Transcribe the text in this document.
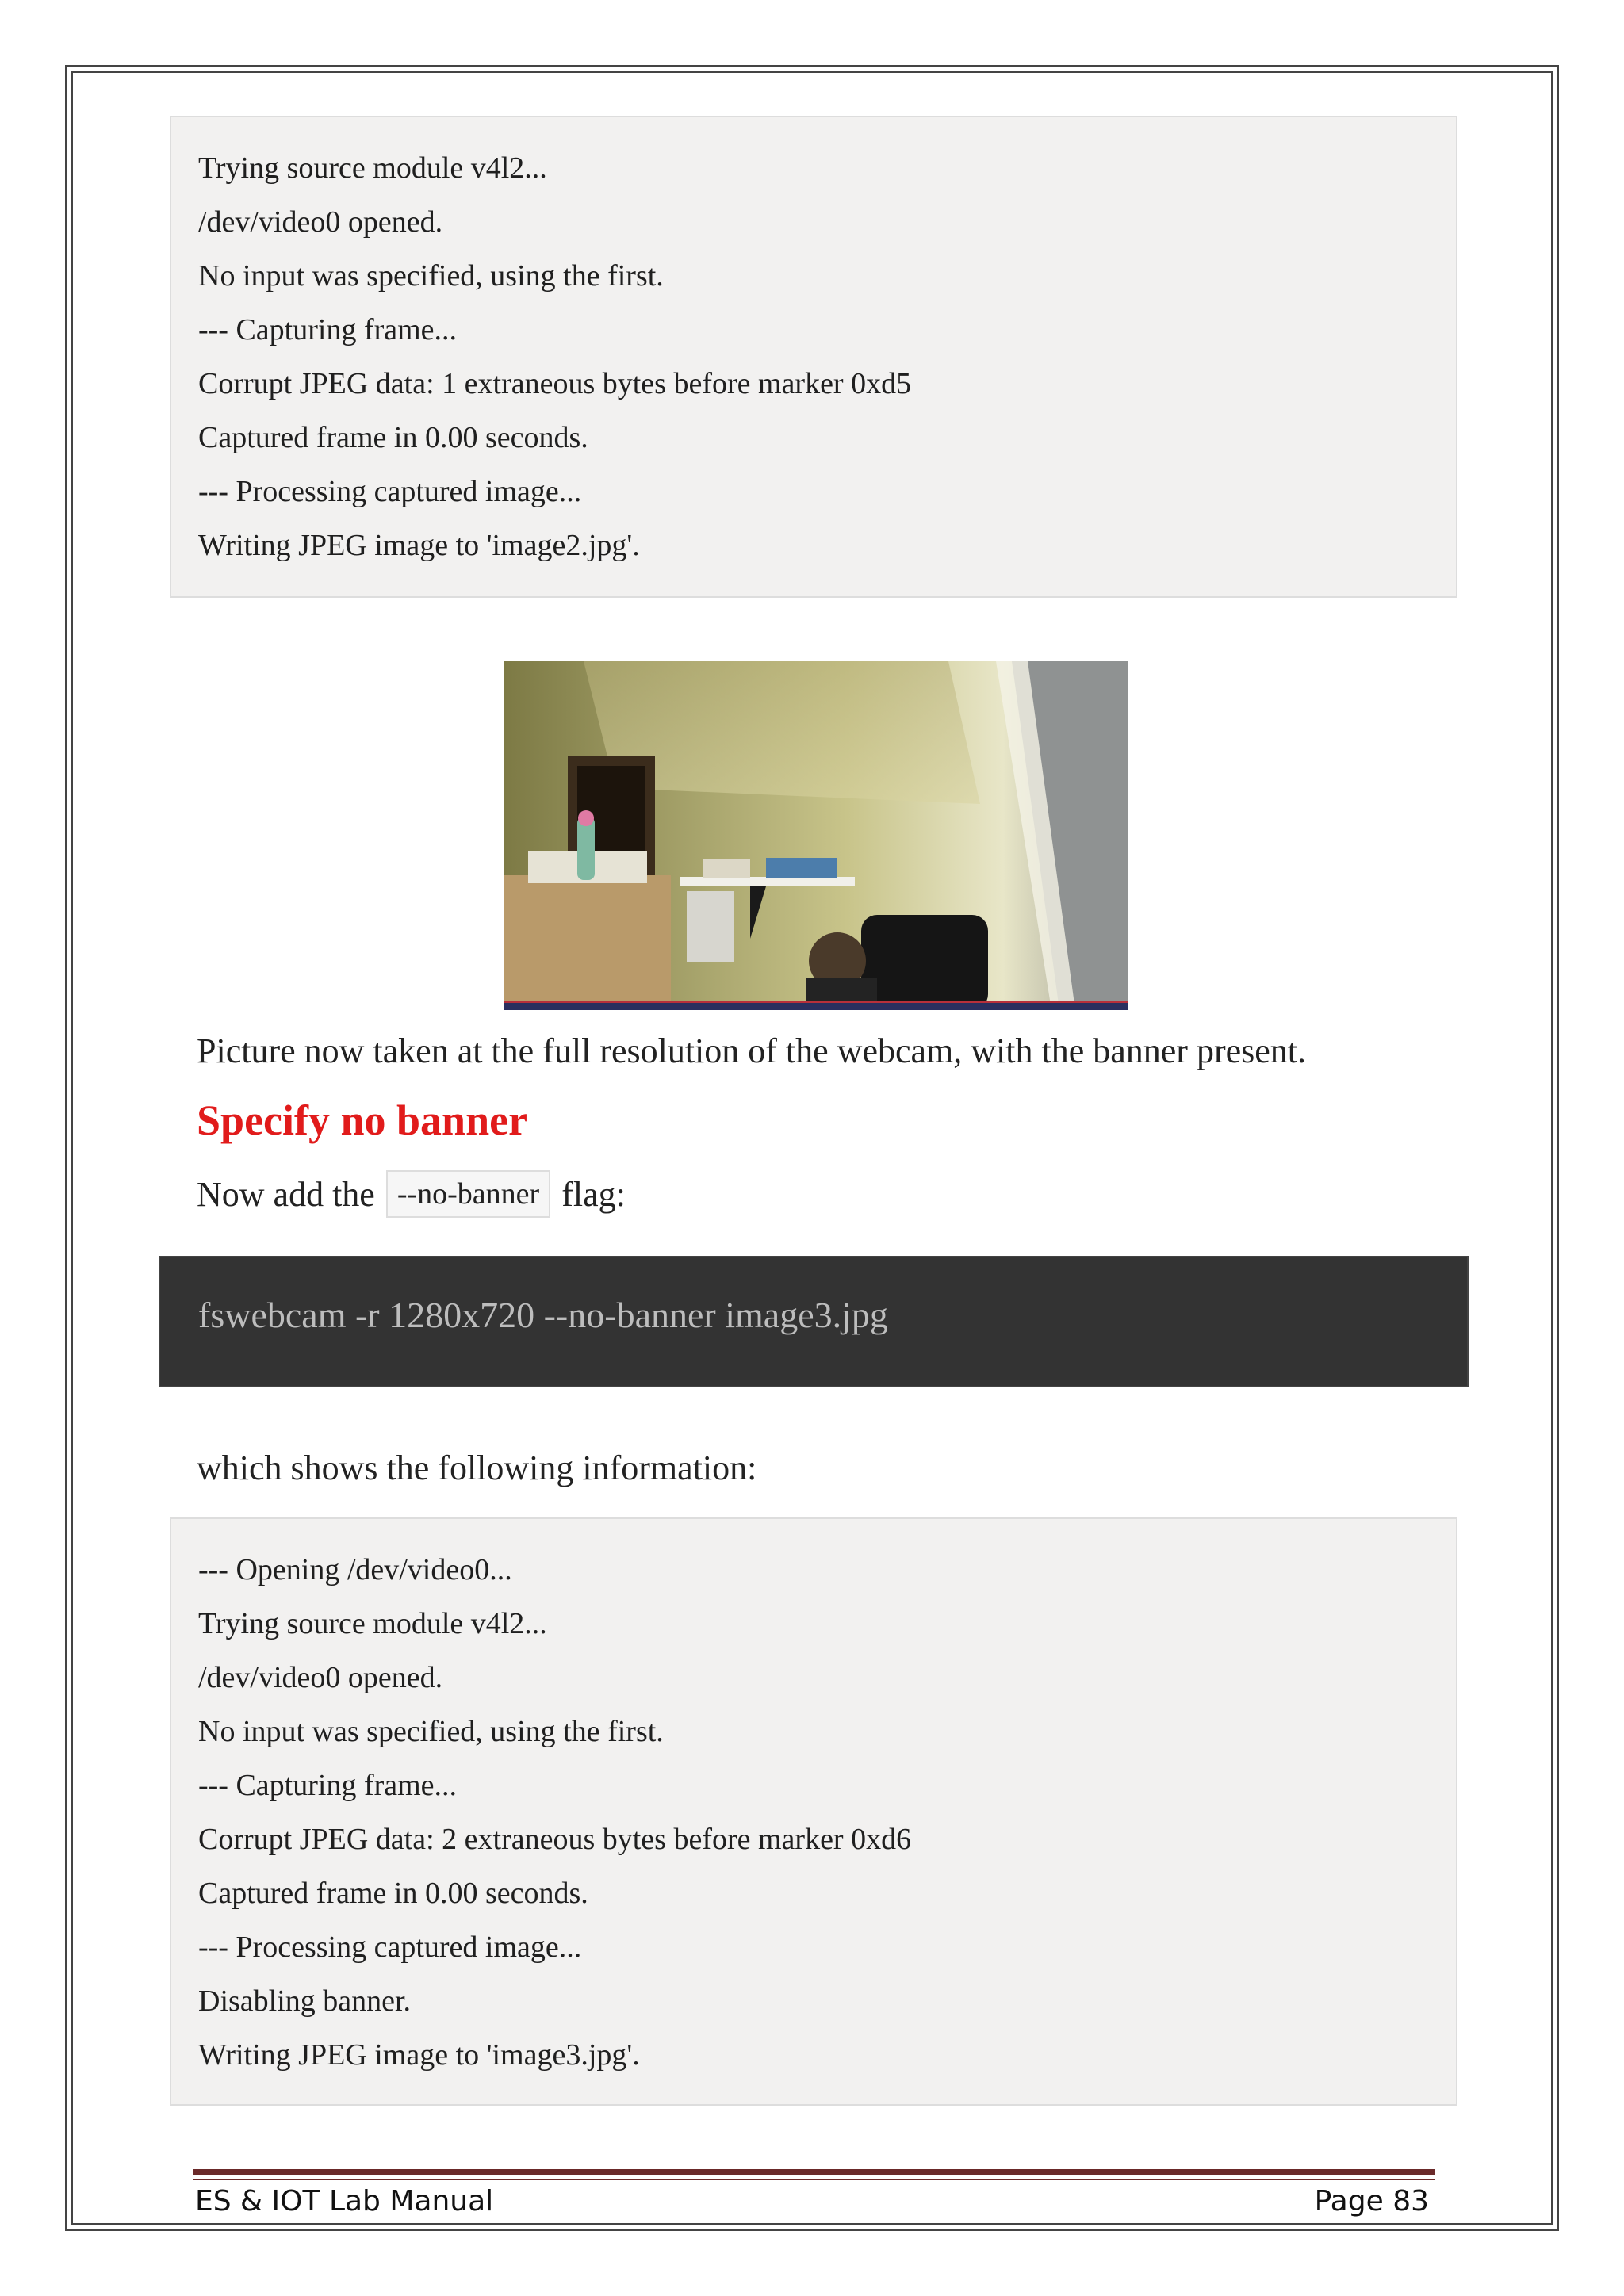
Trying source module v4l2...
/dev/video0 opened.
No input was specified, using the first.
--- Capturing frame...
Corrupt JPEG data: 1 extraneous bytes before marker 0xd5
Captured frame in 0.00 seconds.
--- Processing captured image...
Writing JPEG image to 'image2.jpg'.
Picture now taken at the full resolution of the webcam, with the banner present.
Specify no banner
Now add the --no-banner flag:
fswebcam -r 1280x720 --no-banner image3.jpg
which shows the following information:
--- Opening /dev/video0...
Trying source module v4l2...
/dev/video0 opened.
No input was specified, using the first.
--- Capturing frame...
Corrupt JPEG data: 2 extraneous bytes before marker 0xd6
Captured frame in 0.00 seconds.
--- Processing captured image...
Disabling banner.
Writing JPEG image to 'image3.jpg'.
ES & IOT Lab Manual	Page 83
